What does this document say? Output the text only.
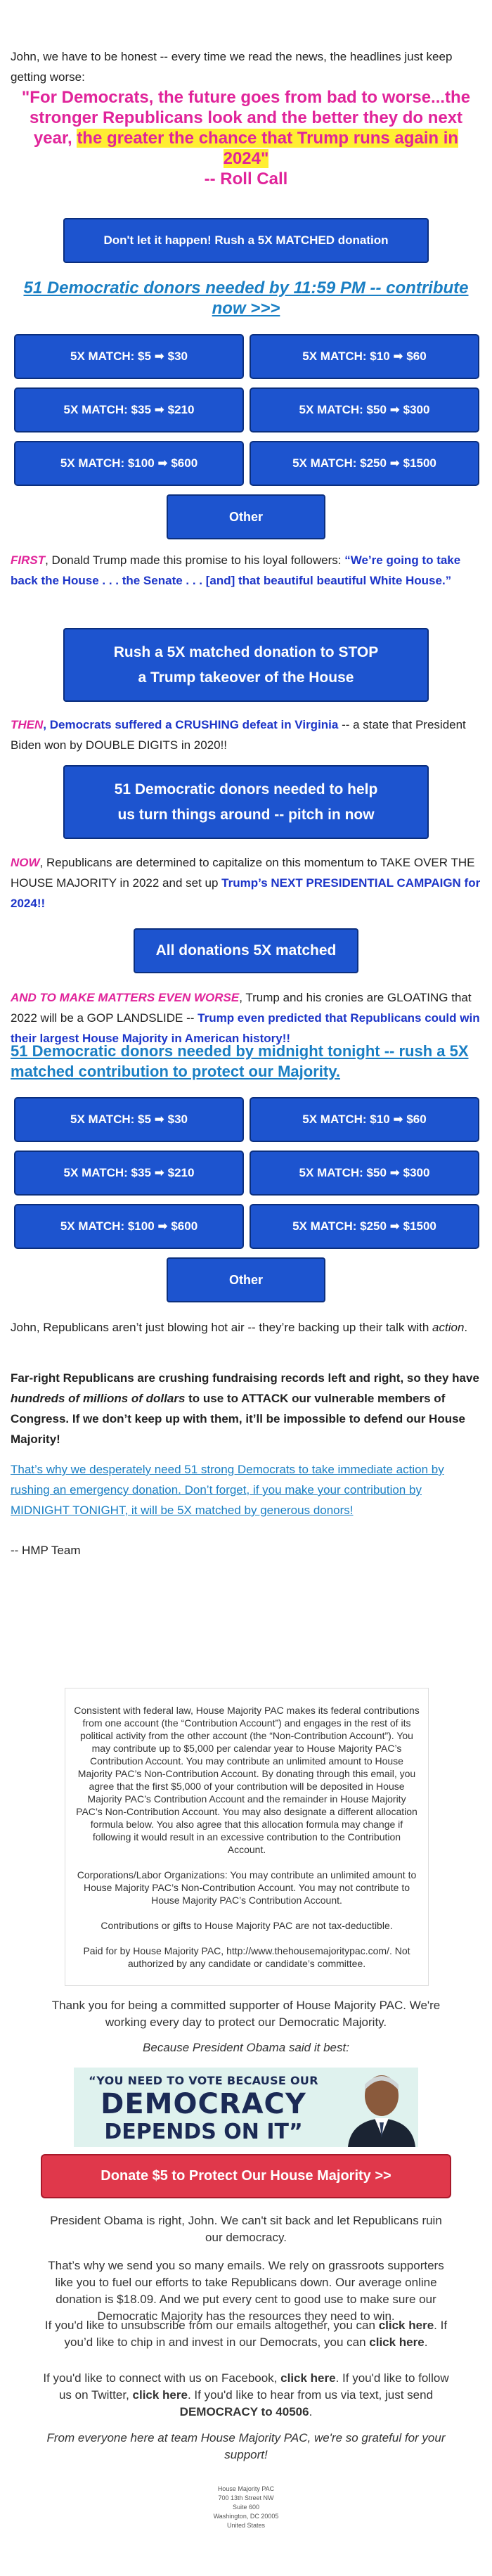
John, we have to be honest -- every time we read the news, the headlines just keep getting worse:

"For Democrats, the future goes from bad to worse...the stronger Republicans look and the better they do next year, the greater the chance that Trump runs again in 2024"
-- Roll Call
Don't let it happen! Rush a 5X MATCHED donation
51 Democratic donors needed by 11:59 PM -- contribute now >>>
5X MATCH: $5 ➡ $30	5X MATCH: $10 ➡ $60
5X MATCH: $35 ➡ $210	5X MATCH: $50 ➡ $300
5X MATCH: $100 ➡ $600	5X MATCH: $250 ➡ $1500
Other

FIRST, Donald Trump made this promise to his loyal followers: “We’re going to take back the House . . . the Senate . . . [and] that beautiful beautiful White House.”

Rush a 5X matched donation to STOP
a Trump takeover of the House

THEN, Democrats suffered a CRUSHING defeat in Virginia -- a state that President Biden won by DOUBLE DIGITS in 2020!!

51 Democratic donors needed to help
us turn things around -- pitch in now

NOW, Republicans are determined to capitalize on this momentum to TAKE OVER THE HOUSE MAJORITY in 2022 and set up Trump’s NEXT PRESIDENTIAL CAMPAIGN for 2024!!

All donations 5X matched

AND TO MAKE MATTERS EVEN WORSE, Trump and his cronies are GLOATING that 2022 will be a GOP LANDSLIDE -- Trump even predicted that Republicans could win their largest House Majority in American history!!

51 Democratic donors needed by midnight tonight -- rush a 5X matched contribution to protect our Majority.
5X MATCH: $5 ➡ $30	5X MATCH: $10 ➡ $60
5X MATCH: $35 ➡ $210	5X MATCH: $50 ➡ $300
5X MATCH: $100 ➡ $600	5X MATCH: $250 ➡ $1500
Other

John, Republicans aren’t just blowing hot air -- they’re backing up their talk with action.

Far-right Republicans are crushing fundraising records left and right, so they have hundreds of millions of dollars to use to ATTACK our vulnerable members of Congress. If we don’t keep up with them, it’ll be impossible to defend our House Majority!

That’s why we desperately need 51 strong Democrats to take immediate action by rushing an emergency donation. Don’t forget, if you make your contribution by MIDNIGHT TONIGHT, it will be 5X matched by generous donors!

-- HMP Team

Consistent with federal law, House Majority PAC makes its federal contributions from one account (the “Contribution Account”) and engages in the rest of its political activity from the other account (the “Non-Contribution Account”). You may contribute up to $5,000 per calendar year to House Majority PAC’s Contribution Account. You may contribute an unlimited amount to House Majority PAC’s Non-Contribution Account. By donating through this email, you agree that the first $5,000 of your contribution will be deposited in House Majority PAC’s Contribution Account and the remainder in House Majority PAC’s Non-Contribution Account. You may also designate a different allocation formula below. You also agree that this allocation formula may change if following it would result in an excessive contribution to the Contribution Account.

Corporations/Labor Organizations: You may contribute an unlimited amount to House Majority PAC’s Non-Contribution Account. You may not contribute to House Majority PAC’s Contribution Account.

Contributions or gifts to House Majority PAC are not tax-deductible.

Paid for by House Majority PAC, http://www.thehousemajoritypac.com/. Not authorized by any candidate or candidate’s committee.

Thank you for being a committed supporter of House Majority PAC. We're working every day to protect our Democratic Majority.

Because President Obama said it best:

“YOU NEED TO VOTE BECAUSE OUR
DEMOCRACY
DEPENDS ON IT”
Donate $5 to Protect Our House Majority >>

President Obama is right, John. We can't sit back and let Republicans ruin our democracy.

That’s why we send you so many emails. We rely on grassroots supporters like you to fuel our efforts to take Republicans down. Our average online donation is $18.09. And we put every cent to good use to make sure our Democratic Majority has the resources they need to win.

If you'd like to unsubscribe from our emails altogether, you can click here. If you’d like to chip in and invest in our Democrats, you can click here.

If you'd like to connect with us on Facebook, click here. If you'd like to follow us on Twitter, click here. If you'd like to hear from us via text, just send DEMOCRACY to 40506.

From everyone here at team House Majority PAC, we're so grateful for your support!

House Majority PAC
700 13th Street NW
Suite 600
Washington, DC 20005
United States
